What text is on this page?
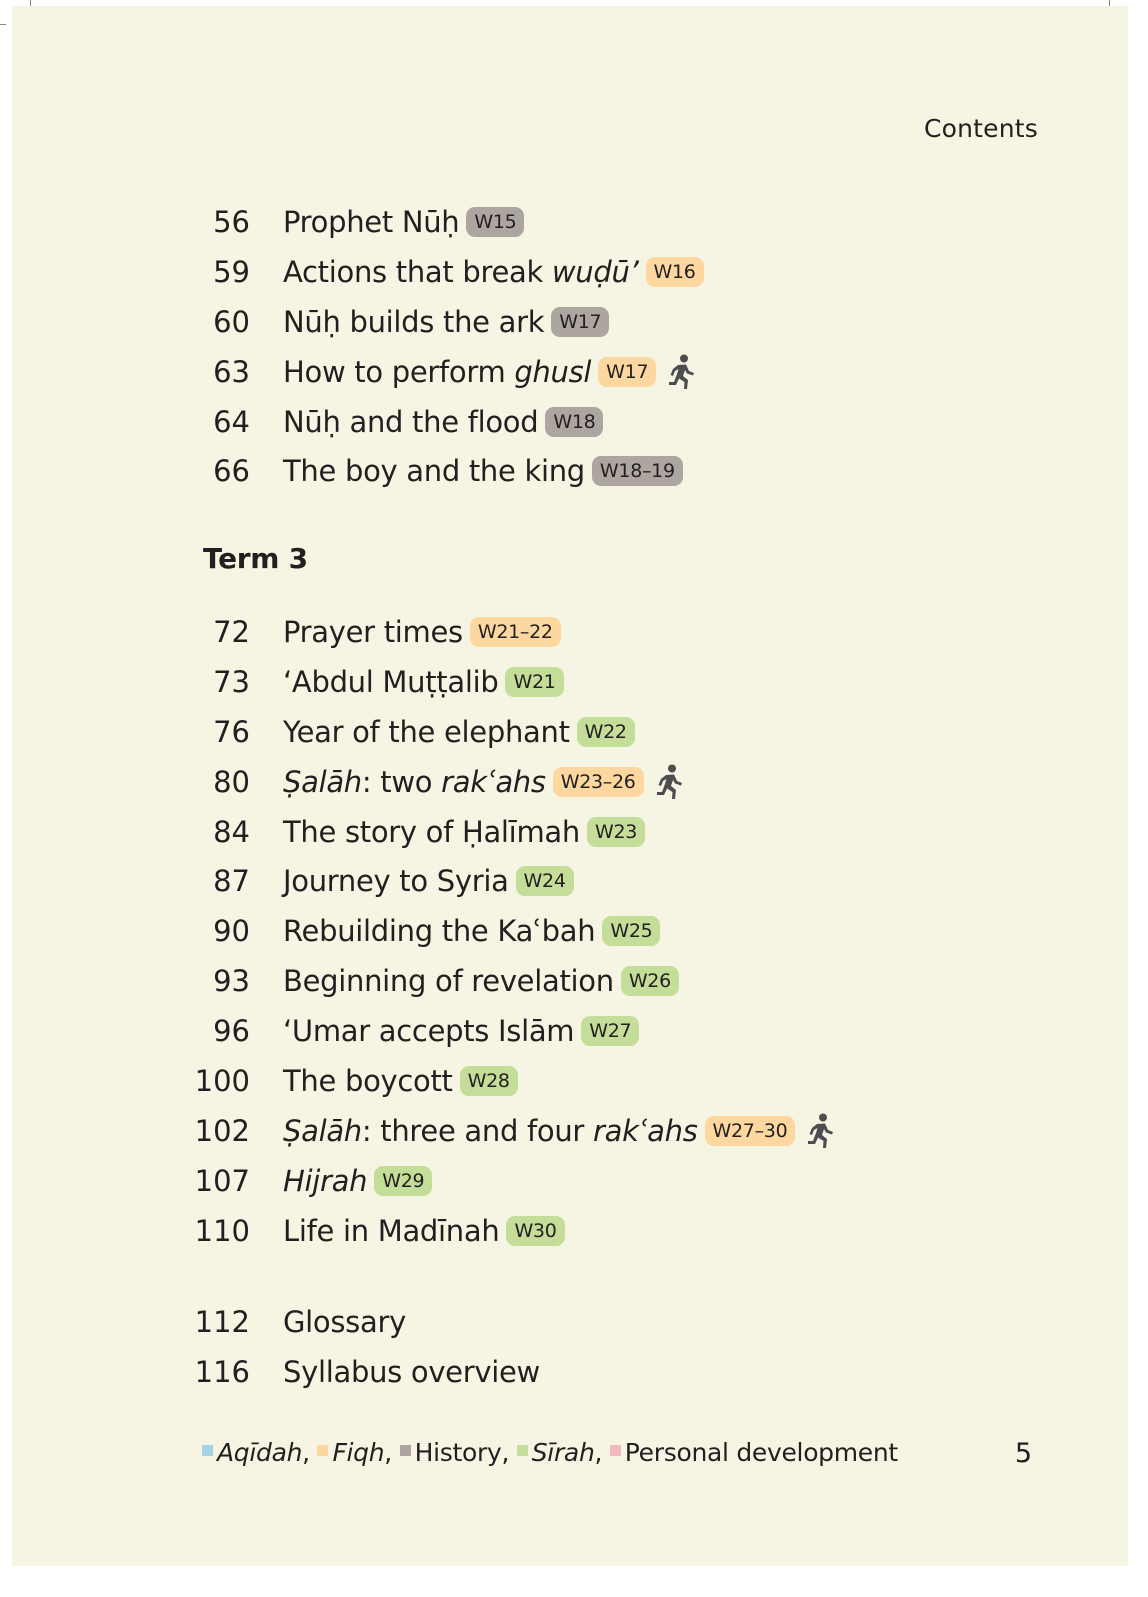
Contents
56 Prophet Nūḥ W15
59 Actions that break wuḍū’ W16
60 Nūḥ builds the ark W17
63 How to perform ghusl W17
64 Nūḥ and the flood W18
66 The boy and the king W18–19
Term 3
72 Prayer times W21–22
73 ‘Abdul Muṭṭalib W21
76 Year of the elephant W22
80 Ṣalāh: two rakʿahs W23–26
84 The story of Ḥalīmah W23
87 Journey to Syria W24
90 Rebuilding the Kaʿbah W25
93 Beginning of revelation W26
96 ‘Umar accepts Islām W27
100 The boycott W28
102 Ṣalāh: three and four rakʿahs W27–30
107 Hijrah W29
110 Life in Madīnah W30
112 Glossary
116 Syllabus overview
Aqīdah , Fiqh , History , Sīrah , Personal development	5
